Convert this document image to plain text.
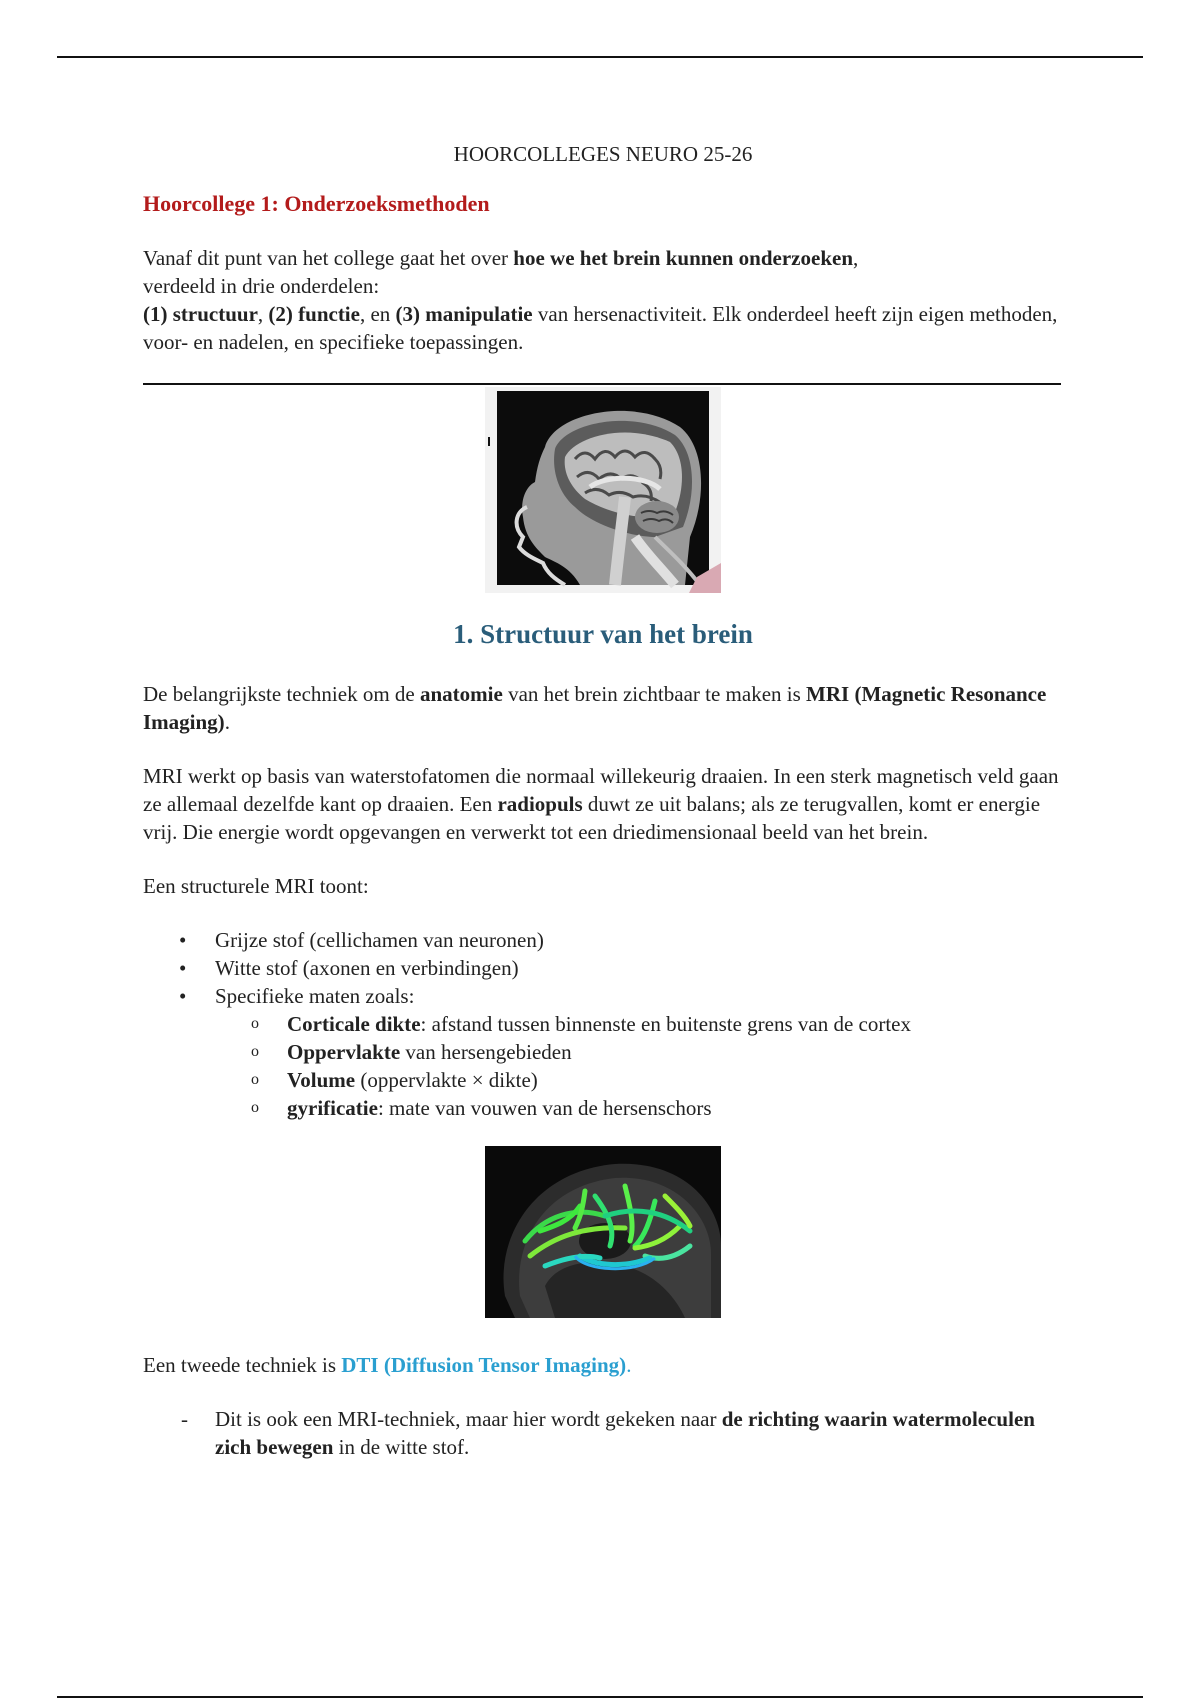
HOORCOLLEGES NEURO 25-26

Hoorcollege 1: Onderzoeksmethoden

Vanaf dit punt van het college gaat het over hoe we het brein kunnen onderzoeken,
verdeeld in drie onderdelen:
(1) structuur, (2) functie, en (3) manipulatie van hersenactiviteit. Elk onderdeel heeft zijn eigen methoden, voor- en nadelen, en specifieke toepassingen.

1. Structuur van het brein

De belangrijkste techniek om de anatomie van het brein zichtbaar te maken is MRI (Magnetic Resonance Imaging).

MRI werkt op basis van waterstofatomen die normaal willekeurig draaien. In een sterk magnetisch veld gaan ze allemaal dezelfde kant op draaien. Een radiopuls duwt ze uit balans; als ze terugvallen, komt er energie vrij. Die energie wordt opgevangen en verwerkt tot een driedimensionaal beeld van het brein.

Een structurele MRI toont:

• Grijze stof (cellichamen van neuronen)
• Witte stof (axonen en verbindingen)
• Specifieke maten zoals:
o Corticale dikte: afstand tussen binnenste en buitenste grens van de cortex
o Oppervlakte van hersengebieden
o Volume (oppervlakte × dikte)
o gyrificatie: mate van vouwen van de hersenschors

Een tweede techniek is DTI (Diffusion Tensor Imaging).

- Dit is ook een MRI-techniek, maar hier wordt gekeken naar de richting waarin watermoleculen zich bewegen in de witte stof.
